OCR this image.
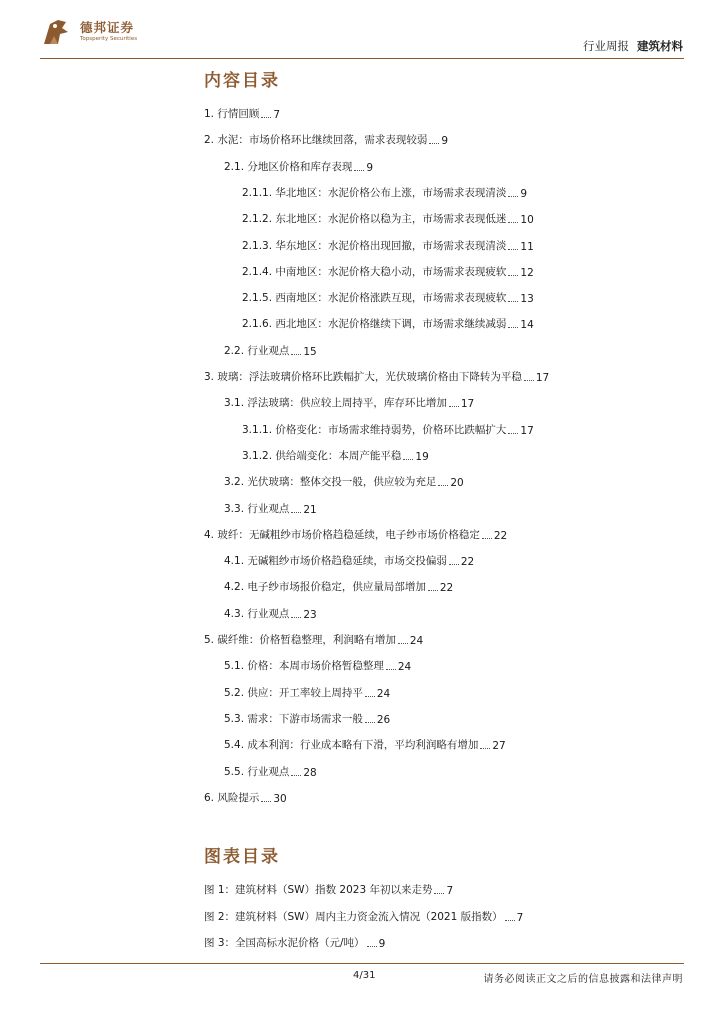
德邦证券
Topsperity Securities	行业周报 建筑材料
内容目录
1. 行情回顾 7
2. 水泥：市场价格环比继续回落，需求表现较弱 9
2.1. 分地区价格和库存表现 9
2.1.1. 华北地区：水泥价格公布上涨，市场需求表现清淡 9
2.1.2. 东北地区：水泥价格以稳为主，市场需求表现低迷 10
2.1.3. 华东地区：水泥价格出现回撤，市场需求表现清淡 11
2.1.4. 中南地区：水泥价格大稳小动，市场需求表现疲软 12
2.1.5. 西南地区：水泥价格涨跌互现，市场需求表现疲软 13
2.1.6. 西北地区：水泥价格继续下调，市场需求继续减弱 14
2.2. 行业观点 15
3. 玻璃：浮法玻璃价格环比跌幅扩大，光伏玻璃价格由下降转为平稳 17
3.1. 浮法玻璃：供应较上周持平，库存环比增加 17
3.1.1. 价格变化：市场需求维持弱势，价格环比跌幅扩大 17
3.1.2. 供给端变化：本周产能平稳 19
3.2. 光伏玻璃：整体交投一般，供应较为充足 20
3.3. 行业观点 21
4. 玻纤：无碱粗纱市场价格趋稳延续，电子纱市场价格稳定 22
4.1. 无碱粗纱市场价格趋稳延续，市场交投偏弱 22
4.2. 电子纱市场报价稳定，供应量局部增加 22
4.3. 行业观点 23
5. 碳纤维：价格暂稳整理，利润略有增加 24
5.1. 价格：本周市场价格暂稳整理 24
5.2. 供应：开工率较上周持平 24
5.3. 需求：下游市场需求一般 26
5.4. 成本利润：行业成本略有下滑，平均利润略有增加 27
5.5. 行业观点 28
6. 风险提示 30
图表目录
图 1：建筑材料（SW）指数 2023 年初以来走势 7
图 2：建筑材料（SW）周内主力资金流入情况（2021 版指数） 7
图 3：全国高标水泥价格（元/吨） 9
4/31	请务必阅读正文之后的信息披露和法律声明
